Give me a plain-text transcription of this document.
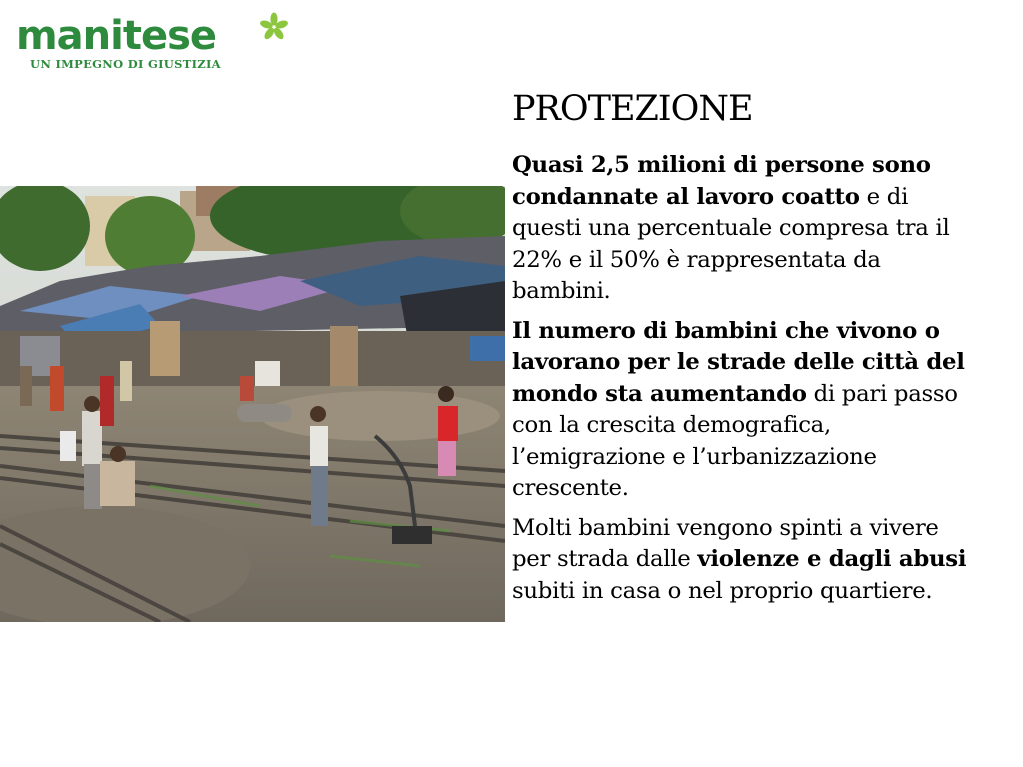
manitese
UN IMPEGNO DI GIUSTIZIA
PROTEZIONE

Quasi 2,5 milioni di persone sono condannate al lavoro coatto e di questi una percentuale compresa tra il 22% e il 50% è rappresentata da bambini.

Il numero di bambini che vivono o lavorano per le strade delle città del mondo sta aumentando di pari passo con la crescita demografica, l’emigrazione e l’urbanizzazione crescente.

Molti bambini vengono spinti a vivere per strada dalle violenze e dagli abusi subiti in casa o nel proprio quartiere.
